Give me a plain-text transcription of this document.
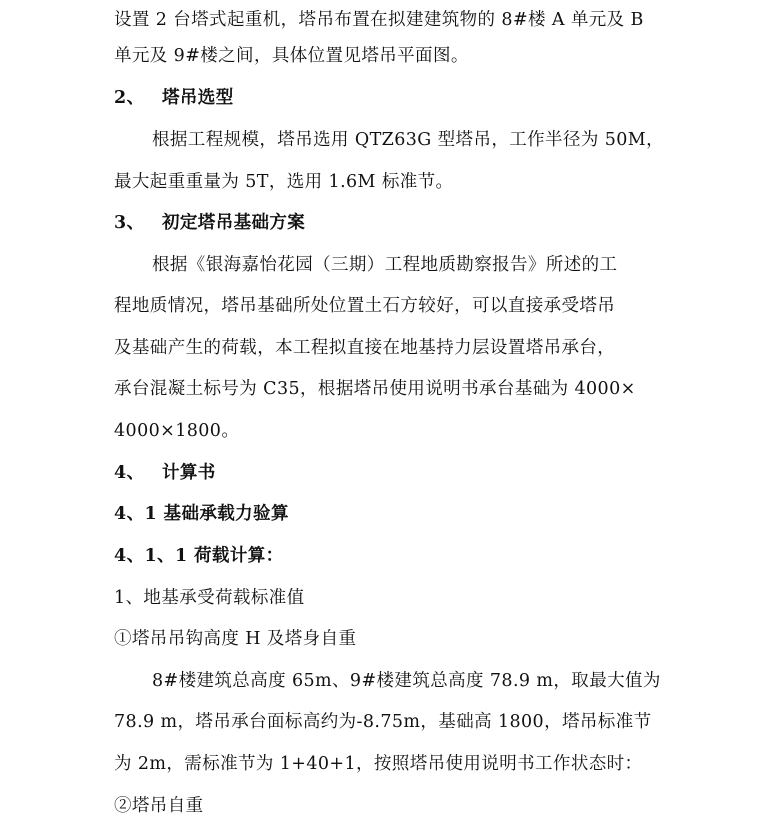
设置 2 台塔式起重机，塔吊布置在拟建建筑物的 8#楼 A 单元及 B
单元及 9#楼之间，具体位置见塔吊平面图。
2、 塔吊选型
根据工程规模，塔吊选用 QTZ63G 型塔吊，工作半径为 50M，
最大起重重量为 5T，选用 1.6M 标准节。
3、 初定塔吊基础方案
根据《银海嘉怡花园（三期）工程地质勘察报告》所述的工
程地质情况，塔吊基础所处位置土石方较好，可以直接承受塔吊
及基础产生的荷载，本工程拟直接在地基持力层设置塔吊承台，
承台混凝土标号为 C35，根据塔吊使用说明书承台基础为 4000×
4000×1800。
4、 计算书
4、1 基础承载力验算
4、1、1 荷载计算：
1、地基承受荷载标准值
①塔吊吊钩高度 H 及塔身自重
8#楼建筑总高度 65m、9#楼建筑总高度 78.9 m，取最大值为
78.9 m，塔吊承台面标高约为-8.75m，基础高 1800，塔吊标准节
为 2m，需标准节为 1+40+1，按照塔吊使用说明书工作状态时：
②塔吊自重
